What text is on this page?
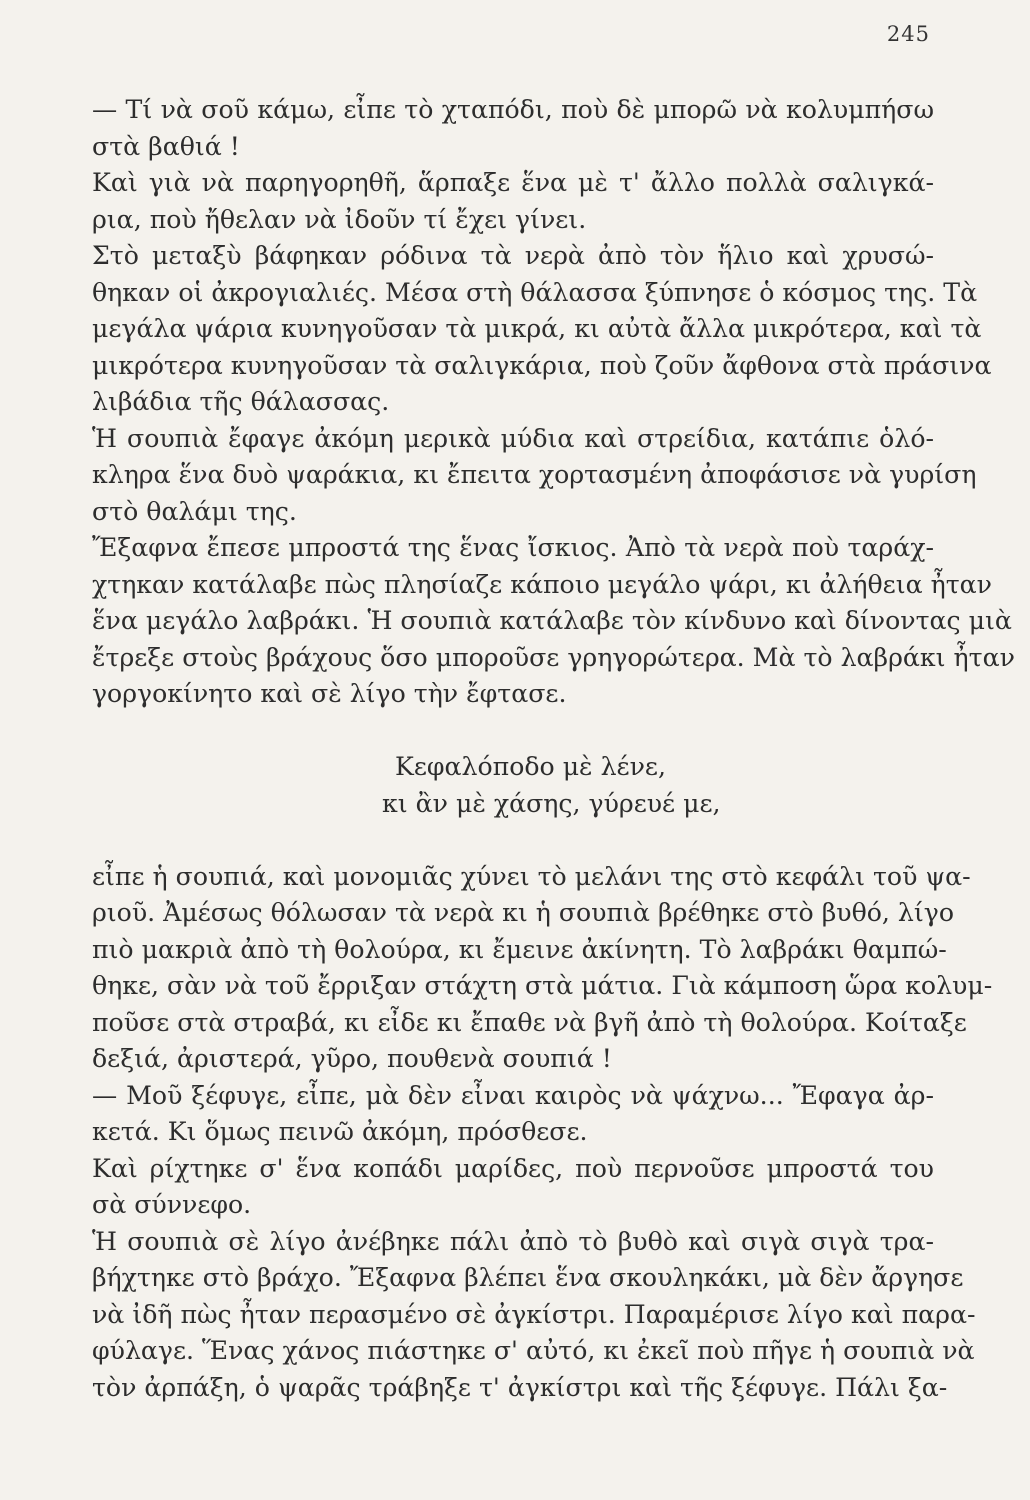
245
— Τί νὰ σοῦ κάμω, εἶπε τὸ χταπόδι, ποὺ δὲ μπορῶ νὰ κολυμπήσω
στὰ βαθιά !
Καὶ γιὰ νὰ παρηγορηθῆ, ἅρπαξε ἕνα μὲ τ' ἄλλο πολλὰ σαλιγκά-
ρια, ποὺ ἤθελαν νὰ ἰδοῦν τί ἔχει γίνει.
Στὸ μεταξὺ βάφηκαν ρόδινα τὰ νερὰ ἀπὸ τὸν ἥλιο καὶ χρυσώ-
θηκαν οἱ ἀκρογιαλιές. Μέσα στὴ θάλασσα ξύπνησε ὁ κόσμος της. Τὰ
μεγάλα ψάρια κυνηγοῦσαν τὰ μικρά, κι αὐτὰ ἄλλα μικρότερα, καὶ τὰ
μικρότερα κυνηγοῦσαν τὰ σαλιγκάρια, ποὺ ζοῦν ἄφθονα στὰ πράσινα
λιβάδια τῆς θάλασσας.
Ἡ σουπιὰ ἔφαγε ἀκόμη μερικὰ μύδια καὶ στρείδια, κατάπιε ὁλό-
κληρα ἕνα δυὸ ψαράκια, κι ἔπειτα χορτασμένη ἀποφάσισε νὰ γυρίση
στὸ θαλάμι της.
Ἔξαφνα ἔπεσε μπροστά της ἕνας ἴσκιος. Ἀπὸ τὰ νερὰ ποὺ ταράχ-
χτηκαν κατάλαβε πὼς πλησίαζε κάποιο μεγάλο ψάρι, κι ἀλήθεια ἦταν
ἕνα μεγάλο λαβράκι. Ἡ σουπιὰ κατάλαβε τὸν κίνδυνο καὶ δίνοντας μιὰ
ἔτρεξε στοὺς βράχους ὅσο μποροῦσε γρηγορώτερα. Μὰ τὸ λαβράκι ἦταν
γοργοκίνητο καὶ σὲ λίγο τὴν ἔφτασε.
Κεφαλόποδο μὲ λένε,
κι ἂν μὲ χάσης, γύρευέ με,
εἶπε ἡ σουπιά, καὶ μονομιᾶς χύνει τὸ μελάνι της στὸ κεφάλι τοῦ ψα-
ριοῦ. Ἀμέσως θόλωσαν τὰ νερὰ κι ἡ σουπιὰ βρέθηκε στὸ βυθό, λίγο
πιὸ μακριὰ ἀπὸ τὴ θολούρα, κι ἔμεινε ἀκίνητη. Τὸ λαβράκι θαμπώ-
θηκε, σὰν νὰ τοῦ ἔρριξαν στάχτη στὰ μάτια. Γιὰ κάμποση ὥρα κολυμ-
ποῦσε στὰ στραβά, κι εἶδε κι ἔπαθε νὰ βγῆ ἀπὸ τὴ θολούρα. Κοίταξε
δεξιά, ἀριστερά, γῦρο, πουθενὰ σουπιά !
— Μοῦ ξέφυγε, εἶπε, μὰ δὲν εἶναι καιρὸς νὰ ψάχνω... Ἔφαγα ἀρ-
κετά. Κι ὅμως πεινῶ ἀκόμη, πρόσθεσε.
Καὶ ρίχτηκε σ' ἕνα κοπάδι μαρίδες, ποὺ περνοῦσε μπροστά του
σὰ σύννεφο.
Ἡ σουπιὰ σὲ λίγο ἀνέβηκε πάλι ἀπὸ τὸ βυθὸ καὶ σιγὰ σιγὰ τρα-
βήχτηκε στὸ βράχο. Ἔξαφνα βλέπει ἕνα σκουληκάκι, μὰ δὲν ἄργησε
νὰ ἰδῆ πὼς ἦταν περασμένο σὲ ἀγκίστρι. Παραμέρισε λίγο καὶ παρα-
φύλαγε. Ἕνας χάνος πιάστηκε σ' αὐτό, κι ἐκεῖ ποὺ πῆγε ἡ σουπιὰ νὰ
τὸν ἀρπάξη, ὁ ψαρᾶς τράβηξε τ' ἀγκίστρι καὶ τῆς ξέφυγε. Πάλι ξα-
